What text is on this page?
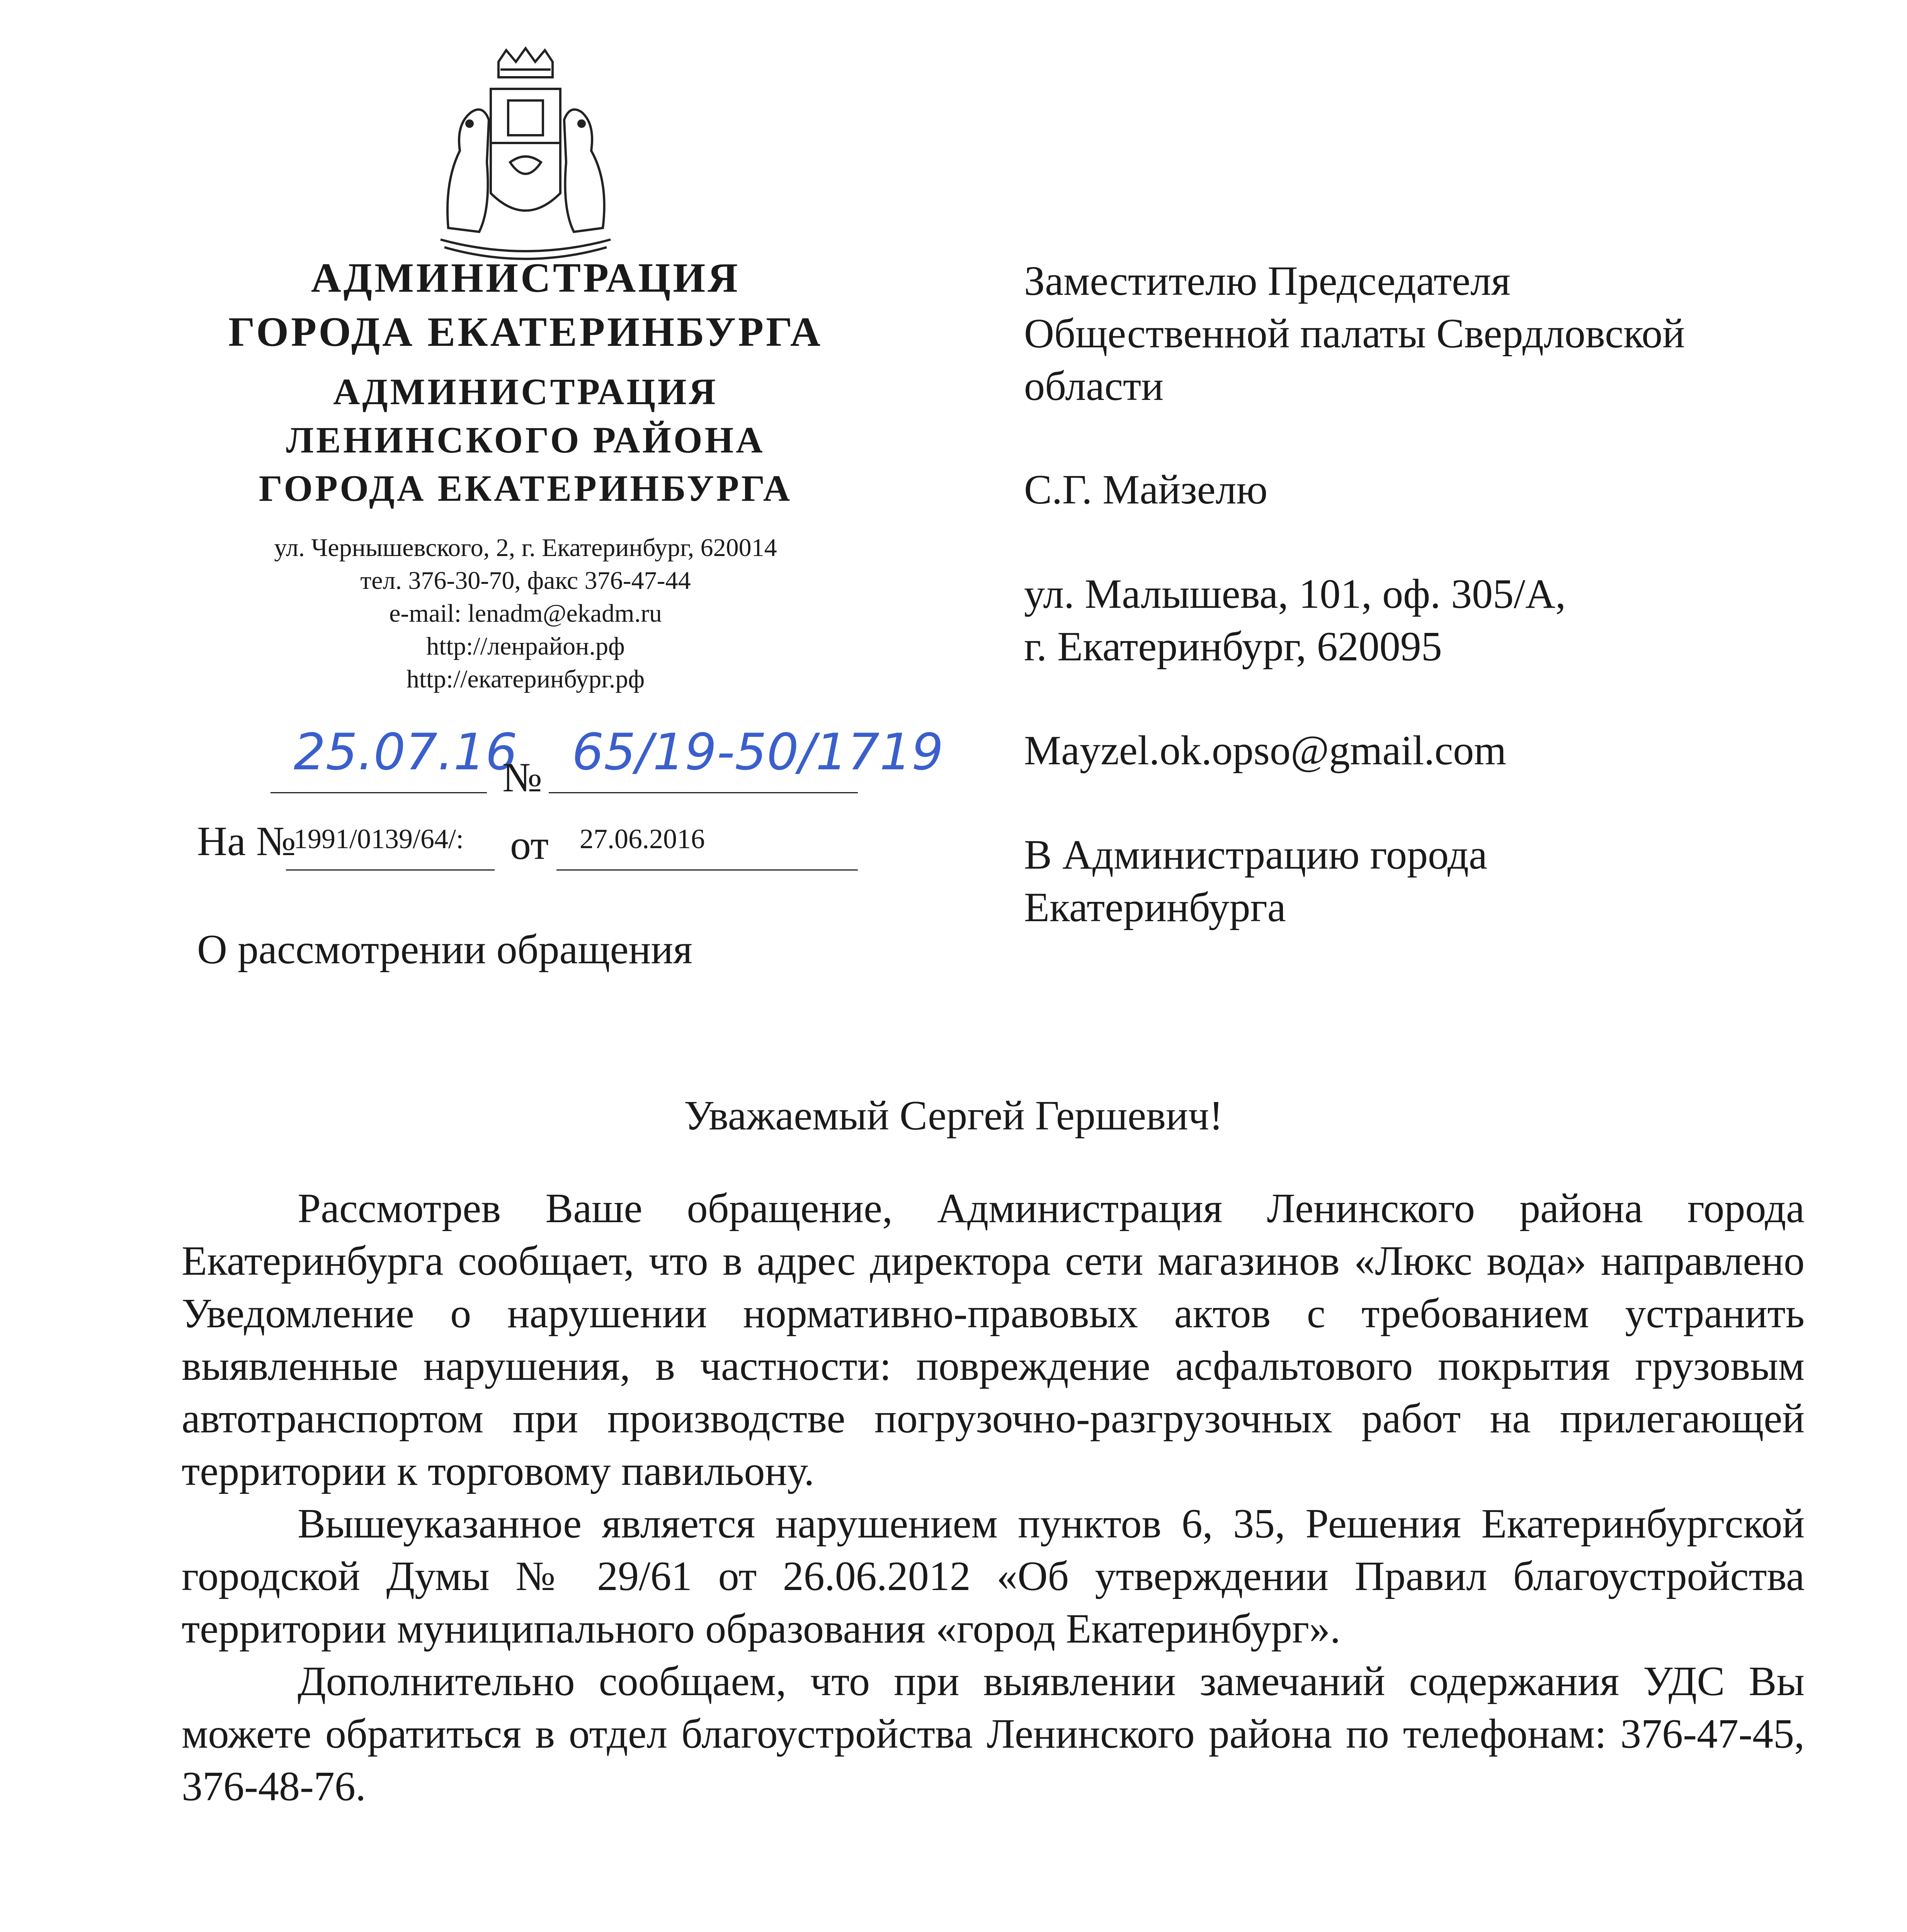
АДМИНИСТРАЦИЯ
ГОРОДА ЕКАТЕРИНБУРГА
АДМИНИСТРАЦИЯ
ЛЕНИНСКОГО РАЙОНА
ГОРОДА ЕКАТЕРИНБУРГА
ул. Чернышевского, 2, г. Екатеринбург, 620014
тел. 376-30-70, факс 376-47-44
e-mail: lenadm@ekadm.ru
http://ленрайон.рф
http://екатеринбург.рф
25.07.16
№ 65/19-50/1719
На №
1991/0139/64/: от 27.06.2016
О рассмотрении обращения
Заместителю Председателя
Общественной палаты Свердловской
области
С.Г. Майзелю
ул. Малышева, 101, оф. 305/А,
г. Екатеринбург, 620095
Mayzel.ok.opso@gmail.com
В Администрацию города
Екатеринбурга
Уважаемый Сергей Гершевич!

Рассмотрев Ваше обращение, Администрация Ленинского района города Екатеринбурга сообщает, что в адрес директора сети магазинов «Люкс вода» направлено Уведомление о нарушении нормативно-правовых актов с требованием устранить выявленные нарушения, в частности: повреждение асфальтового покрытия грузовым автотранспортом при производстве погрузочно-разгрузочных работ на прилегающей территории к торговому павильону.

Вышеуказанное является нарушением пунктов 6, 35, Решения Екатеринбургской городской Думы № 29/61 от 26.06.2012 «Об утверждении Правил благоустройства территории муниципального образования «город Екатеринбург».

Дополнительно сообщаем, что при выявлении замечаний содержания УДС Вы можете обратиться в отдел благоустройства Ленинского района по телефонам: 376-47-45, 376-48-76.
